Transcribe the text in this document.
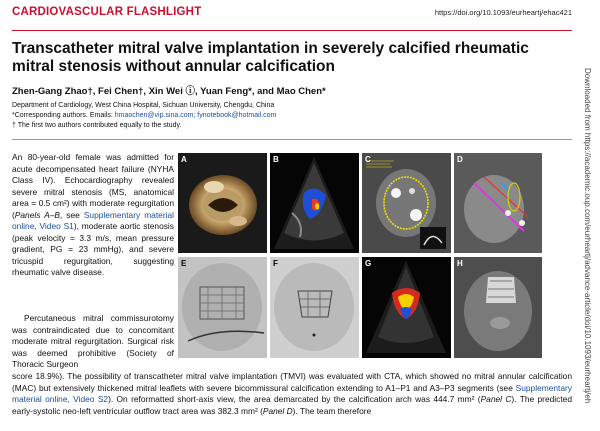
CARDIOVASCULAR FLASHLIGHT	https://doi.org/10.1093/eurheartj/ehac421
Transcatheter mitral valve implantation in severely calcified rheumatic mitral stenosis without annular calcification
Zhen-Gang Zhao†, Fei Chen†, Xin Wei ⓘ, Yuan Feng*, and Mao Chen*
Department of Cardiology, West China Hospital, Sichuan University, Chengdu, China
*Corresponding authors. Emails: hmaochen@vip.sina.com; fynotebook@hotmail.com
† The first two authors contributed equally to the study.

An 80-year-old female was admitted for acute decompensated heart failure (NYHA Class IV). Echocardiography revealed severe mitral stenosis (MS, anatomical area = 0.5 cm²) with moderate regurgitation (Panels A–B, see Supplementary material online, Video S1), moderate aortic stenosis (peak velocity = 3.3 m/s, mean pressure gradient, PG = 23 mmHg), and severe tricuspid regurgitation, suggesting rheumatic valve disease.

Percutaneous mitral commissurotomy was contraindicated due to concomitant moderate mitral regurgitation. Surgical risk was deemed prohibitive (Society of Thoracic Surgeon

score 18.9%). The possibility of transcatheter mitral valve implantation (TMVI) was evaluated with CTA, which showed no mitral annular calcification (MAC) but extensively thickened mitral leaflets with severe bicommissural calcification extending to A1–P1 and A3–P3 segments (see Supplementary material online, Video S2). On reformatted short-axis view, the area demarcated by the calcification arch was 444.7 mm² (Panel C). The predicted early-systolic neo-left ventricular outflow tract area was 382.3 mm² (Panel D). The team therefore

A	B	C	D
E	F	G	H	Downloaded from https://academic.oup.com/eurheartj/advance-article/doi/10.1093/eurheartj/eh
